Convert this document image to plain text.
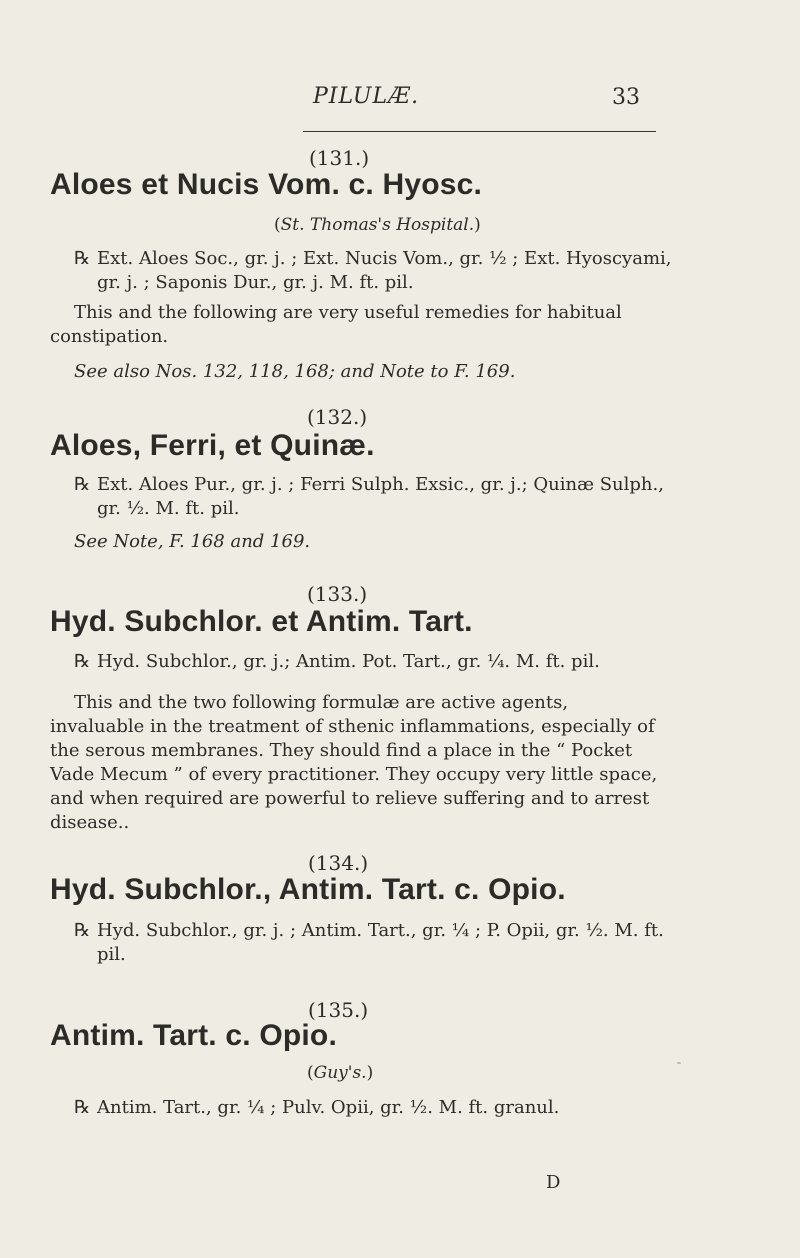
PILULÆ.	33
(131.)
Aloes et Nucis Vom. c. Hyosc.
(St. Thomas's Hospital.)
℞ Ext. Aloes Soc., gr. j. ; Ext. Nucis Vom., gr. ½ ; Ext. Hyoscyami, gr. j. ; Saponis Dur., gr. j. M. ft. pil.
This and the following are very useful remedies for habitual constipation.
See also Nos. 132, 118, 168; and Note to F. 169.
(132.)
Aloes, Ferri, et Quinæ.
℞ Ext. Aloes Pur., gr. j. ; Ferri Sulph. Exsic., gr. j.; Quinæ Sulph., gr. ½. M. ft. pil.
See Note, F. 168 and 169.
(133.)
Hyd. Subchlor. et Antim. Tart.
℞ Hyd. Subchlor., gr. j.; Antim. Pot. Tart., gr. ¼. M. ft. pil.
This and the two following formulæ are active agents, invaluable in the treatment of sthenic inflammations, especially of the serous membranes. They should find a place in the “ Pocket Vade Mecum ” of every practitioner. They occupy very little space, and when required are powerful to relieve suffering and to arrest disease..
(134.)
Hyd. Subchlor., Antim. Tart. c. Opio.
℞ Hyd. Subchlor., gr. j. ; Antim. Tart., gr. ¼ ; P. Opii, gr. ½. M. ft. pil.
(135.)
Antim. Tart. c. Opio.
(Guy's.)
℞ Antim. Tart., gr. ¼ ; Pulv. Opii, gr. ½. M. ft. granul.
D
